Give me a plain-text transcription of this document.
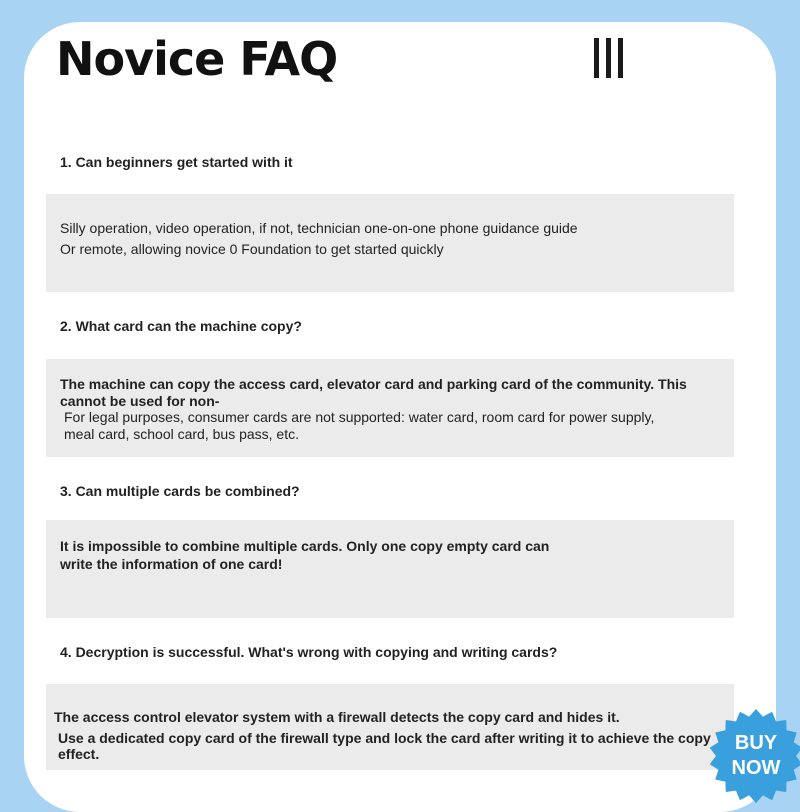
Novice FAQ
1. Can beginners get started with it

Silly operation, video operation, if not, technician one-on-one phone guidance guide

Or remote, allowing novice 0 Foundation to get started quickly

2. What card can the machine copy?

The machine can copy the access card, elevator card and parking card of the community. This cannot be used for non-

For legal purposes, consumer cards are not supported: water card, room card for power supply, meal card, school card, bus pass, etc.

3. Can multiple cards be combined?

It is impossible to combine multiple cards. Only one copy empty card can write the information of one card!

4. Decryption is successful. What's wrong with copying and writing cards?

The access control elevator system with a firewall detects the copy card and hides it.

Use a dedicated copy card of the firewall type and lock the card after writing it to achieve the copy effect.	BUY
NOW
